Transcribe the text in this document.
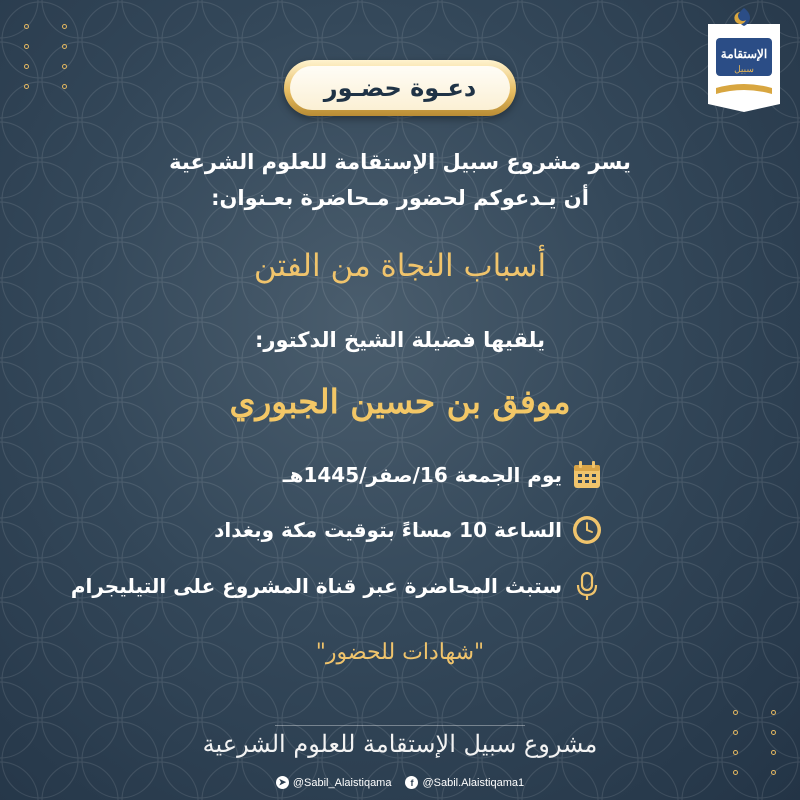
الإستقامة
سبيل
دعـوة حضـور
يسر مشروع سبيل الإستقامة للعلوم الشرعية
أن يـدعوكم لحضور مـحاضرة بعـنوان:
أسباب النجاة من الفتن
يلقيها فضيلة الشيخ الدكتور:
موفق بن حسين الجبوري
يوم الجمعة 16/صفر/1445هـ
الساعة 10 مساءً بتوقيت مكة وبغداد
ستبث المحاضرة عبر قناة المشروع على التيليجرام
"شهادات للحضور"
مشروع سبيل الإستقامة للعلوم الشرعية
➤ @Sabil_Alaistiqama	f @Sabil.Alaistiqama1
